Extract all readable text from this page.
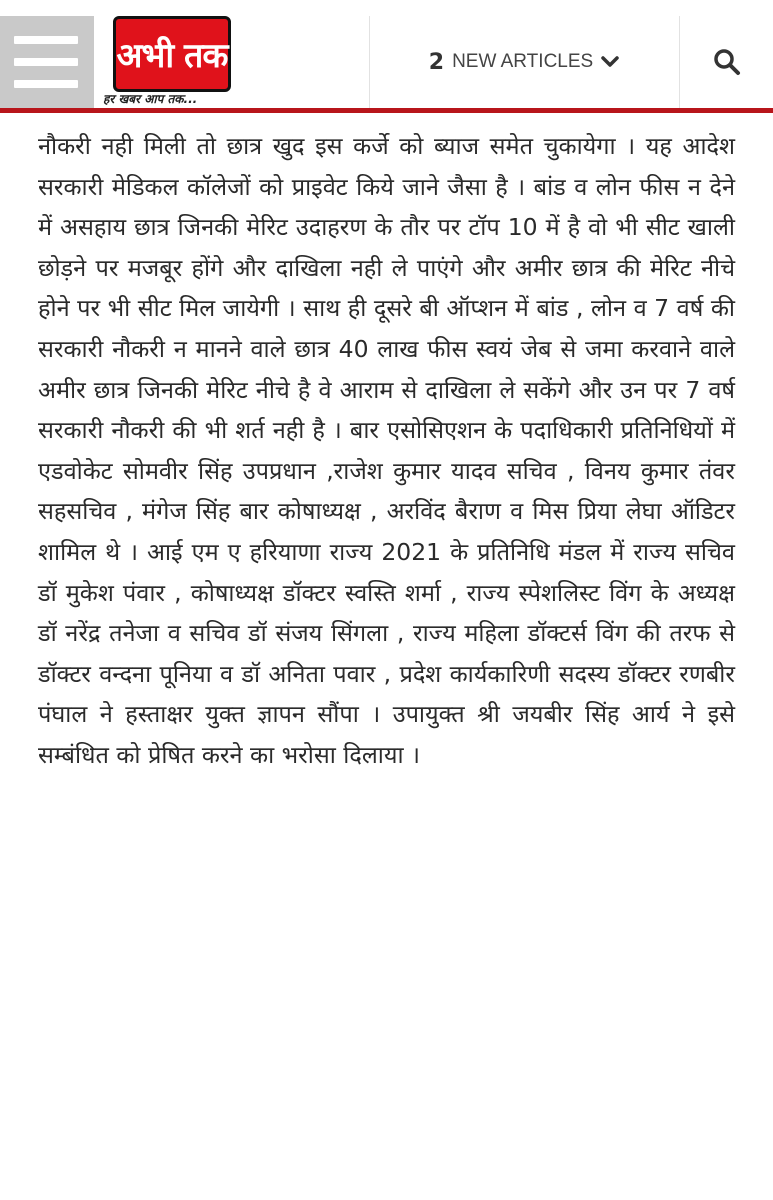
अभी तक
हर खबर आप तक...
2 NEW ARTICLES
नौकरी नही मिली तो छात्र खुद इस कर्जे को ब्याज समेत चुकायेगा । यह आदेश सरकारी मेडिकल कॉलेजों को प्राइवेट किये जाने जैसा है । बांड व लोन फीस न देने में असहाय छात्र जिनकी मेरिट उदाहरण के तौर पर टॉप 10 में है वो भी सीट खाली छोड़ने पर मजबूर होंगे और दाखिला नही ले पाएंगे और अमीर छात्र की मेरिट नीचे होने पर भी सीट मिल जायेगी । साथ ही दूसरे बी ऑप्शन में बांड , लोन व 7 वर्ष की सरकारी नौकरी न मानने वाले छात्र 40 लाख फीस स्वयं जेब से जमा करवाने वाले अमीर छात्र जिनकी मेरिट नीचे है वे आराम से दाखिला ले सकेंगे और उन पर 7 वर्ष सरकारी नौकरी की भी शर्त नही है । बार एसोसिएशन के पदाधिकारी प्रतिनिधियों में एडवोकेट सोमवीर सिंह उपप्रधान ,राजेश कुमार यादव सचिव , विनय कुमार तंवर सहसचिव , मंगेज सिंह बार कोषाध्यक्ष , अरविंद बैराण व मिस प्रिया लेघा ऑडिटर शामिल थे । आई एम ए हरियाणा राज्य 2021 के प्रतिनिधि मंडल में राज्य सचिव डॉ मुकेश पंवार , कोषाध्यक्ष डॉक्टर स्वस्ति शर्मा , राज्य स्पेशलिस्ट विंग के अध्यक्ष डॉ नरेंद्र तनेजा व सचिव डॉ संजय सिंगला , राज्य महिला डॉक्टर्स विंग की तरफ से डॉक्टर वन्दना पूनिया व डॉ अनिता पवार , प्रदेश कार्यकारिणी सदस्य डॉक्टर रणबीर पंघाल ने हस्ताक्षर युक्त ज्ञापन सौंपा । उपायुक्त श्री जयबीर सिंह आर्य ने इसे सम्बंधित को प्रेषित करने का भरोसा दिलाया ।
